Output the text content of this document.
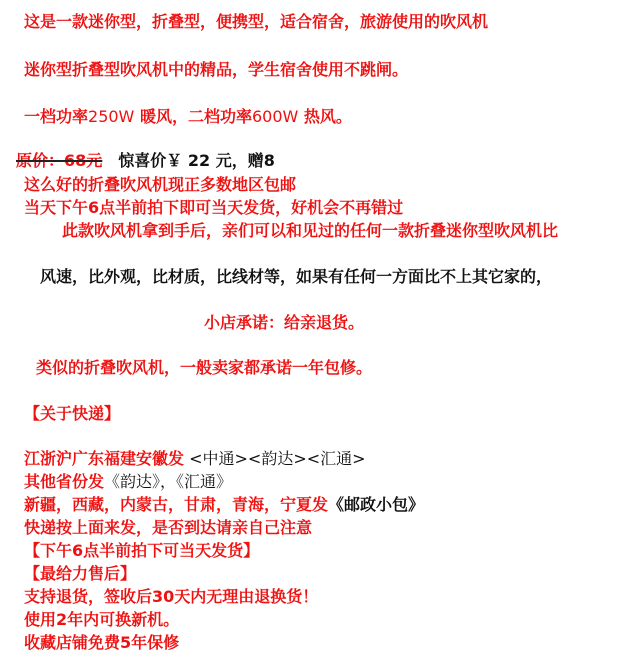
这是一款迷你型，折叠型，便携型，适合宿舍，旅游使用的吹风机
迷你型折叠型吹风机中的精品，学生宿舍使用不跳闸。
一档功率250W 暖风，二档功率600W 热风。
原价：68元 惊喜价￥ 22 元，赠8
这么好的折叠吹风机现正多数地区包邮
当天下午6点半前拍下即可当天发货，好机会不再错过
此款吹风机拿到手后，亲们可以和见过的任何一款折叠迷你型吹风机比
风速，比外观，比材质，比线材等，如果有任何一方面比不上其它家的，
小店承诺：给亲退货。
类似的折叠吹风机，一般卖家都承诺一年包修。
【关于快递】
江浙沪广东福建安徽发 <中通><韵达><汇通>
其他省份发《韵达》，《汇通》
新疆，西藏，内蒙古，甘肃，青海，宁夏发《邮政小包》
快递按上面来发，是否到达请亲自己注意
【下午6点半前拍下可当天发货】
【最给力售后】
支持退货，签收后30天内无理由退换货！
使用2年内可换新机。
收藏店铺免费5年保修
